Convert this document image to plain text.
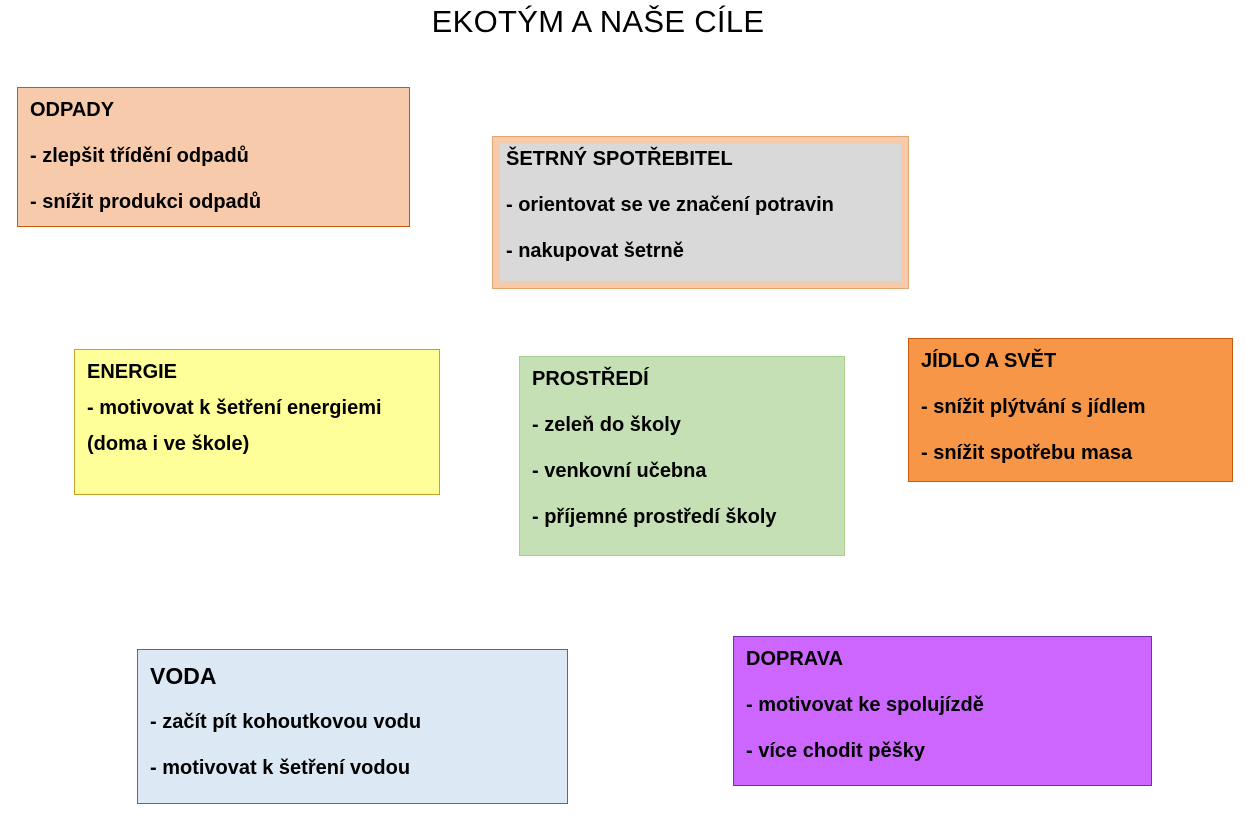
EKOTÝM A NAŠE CÍLE
ODPADY
- zlepšit třídění odpadů
- snížit produkci odpadů
ŠETRNÝ SPOTŘEBITEL
- orientovat se ve značení potravin
- nakupovat šetrně
ENERGIE
- motivovat k šetření energiemi (doma i ve škole)
PROSTŘEDÍ
- zeleň do školy
- venkovní učebna
- příjemné prostředí školy
JÍDLO A SVĚT
- snížit plýtvání s jídlem
- snížit spotřebu masa
VODA
- začít pít kohoutkovou vodu
- motivovat k šetření vodou
DOPRAVA
- motivovat ke spolujízdě
- více chodit pěšky
